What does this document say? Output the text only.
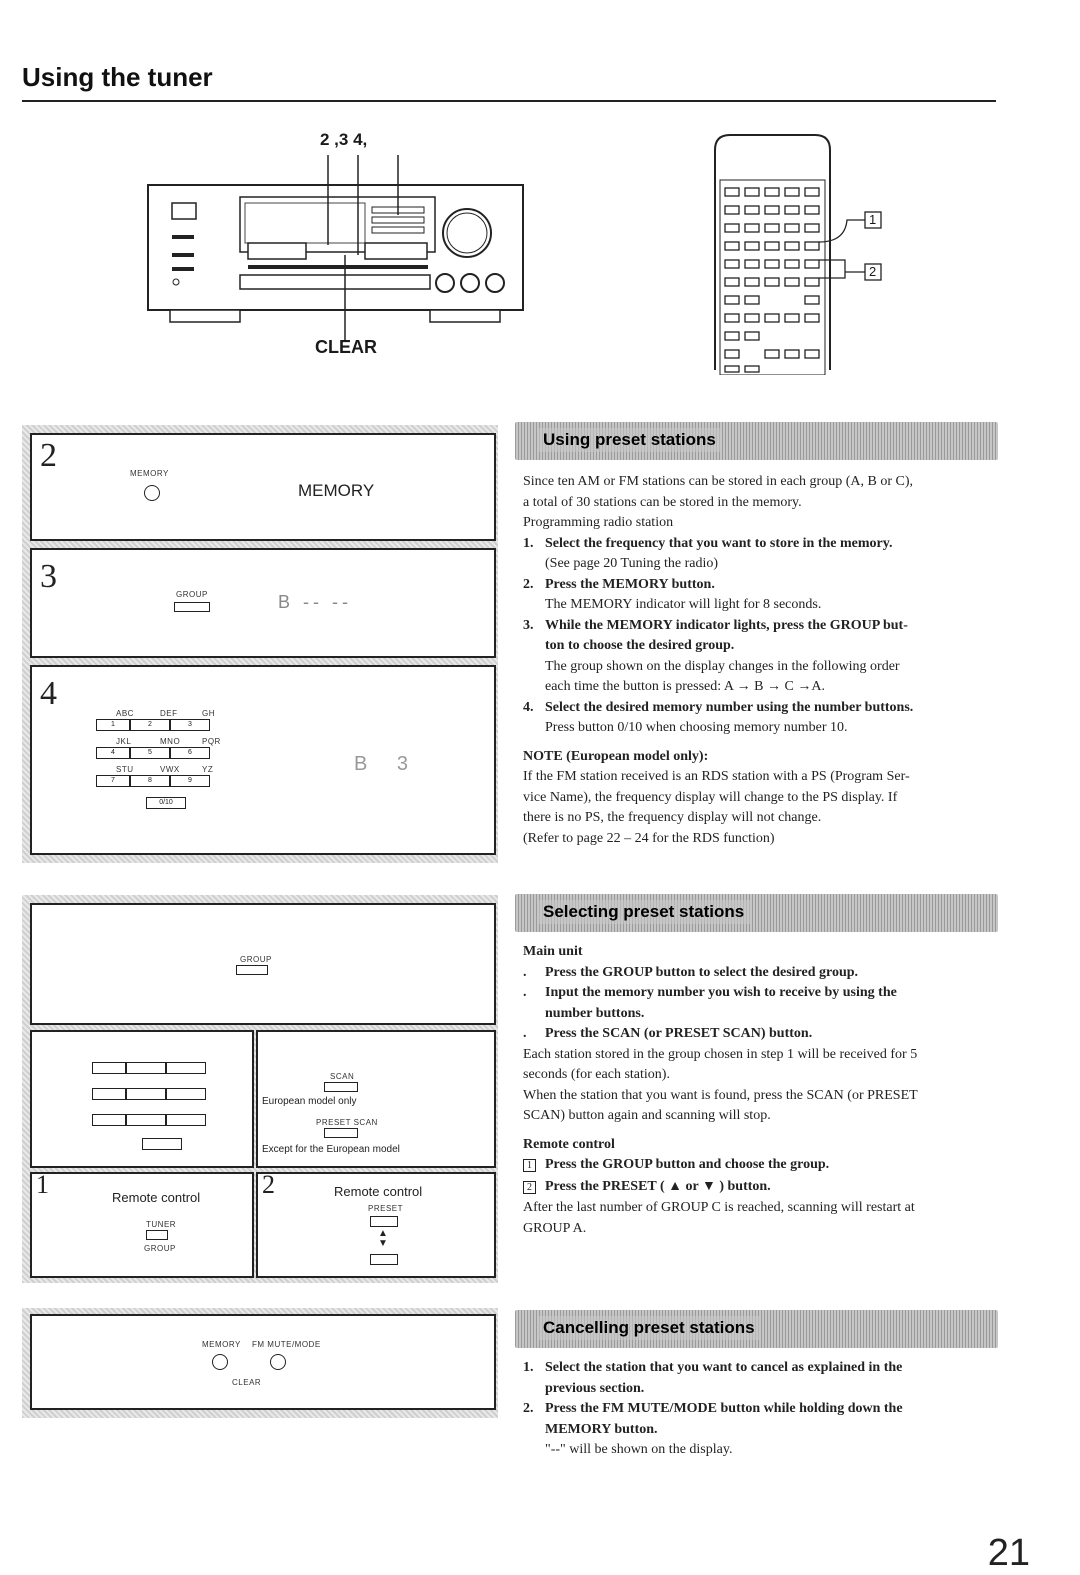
Using the tuner
2 ,3 4,
CLEAR
1
2
2	MEMORY
MEMORY
3	GROUP	B -- --
4
ABC	DEF	GH
1	2	3
JKL	MNO	PQR
4	5	6
STU	VWX	YZ
7	8	9
0/10
B 3
GROUP
SCAN
European model only
PRESET SCAN
Except for the European model
1	Remote control
TUNER
GROUP
2	Remote control
PRESET
▲
▼
MEMORY FM MUTE/MODE
CLEAR
Using preset stations

Since ten AM or FM stations can be stored in each group (A, B or C),

a total of 30 stations can be stored in the memory.

Programming radio station

1. Select the frequency that you want to store in the memory.

(See page 20 Tuning the radio)

2. Press the MEMORY button.

The MEMORY indicator will light for 8 seconds.

3. While the MEMORY indicator lights, press the GROUP but-

ton to choose the desired group.

The group shown on the display changes in the following order

each time the button is pressed: A → B → C →A.

4. Select the desired memory number using the number buttons.

Press button 0/10 when choosing memory number 10.

NOTE (European model only):

If the FM station received is an RDS station with a PS (Program Ser-

vice Name), the frequency display will change to the PS display. If

there is no PS, the frequency display will not change.

(Refer to page 22 – 24 for the RDS function)

Selecting preset stations

Main unit

.	Press the GROUP button to select the desired group.
.	Input the memory number you wish to receive by using the

number buttons.

.	Press the SCAN (or PRESET SCAN) button.

Each station stored in the group chosen in step 1 will be received for 5

seconds (for each station).

When the station that you want is found, press the SCAN (or PRESET

SCAN) button again and scanning will stop.

Remote control

1 Press the GROUP button and choose the group.
2 Press the PRESET ( ▲ or ▼ ) button.

After the last number of GROUP C is reached, scanning will restart at

GROUP A.

Cancelling preset stations
1. Select the station that you want to cancel as explained in the

previous section.

2. Press the FM MUTE/MODE button while holding down the

MEMORY button.

"--" will be shown on the display.

21
